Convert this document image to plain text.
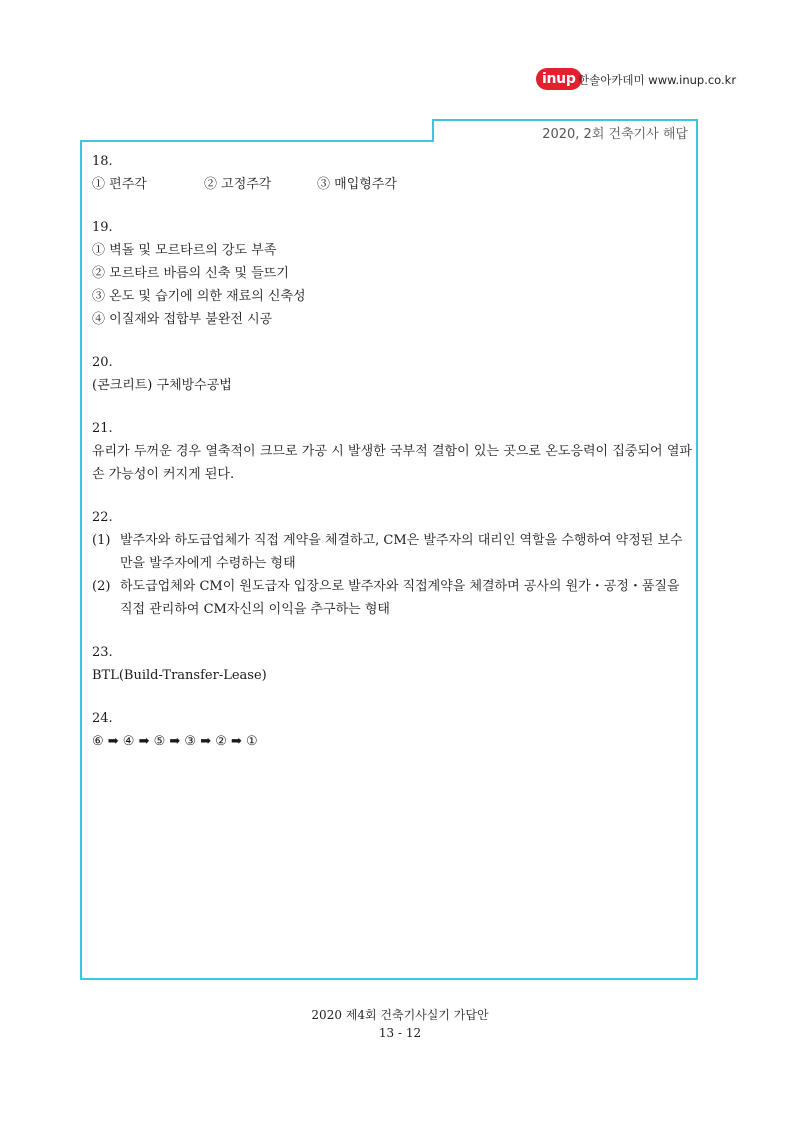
inup 한솔아카데미 www.inup.co.kr
2020, 2회 건축기사 해답

18.

① 편주각	② 고정주각	③ 매입형주각

19.

① 벽돌 및 모르타르의 강도 부족

② 모르타르 바름의 신축 및 들뜨기

③ 온도 및 습기에 의한 재료의 신축성

④ 이질재와 접합부 불완전 시공

20.

(콘크리트) 구체방수공법

21.

유리가 두꺼운 경우 열축적이 크므로 가공 시 발생한 국부적 결함이 있는 곳으로 온도응력이 집중되어 열파손 가능성이 커지게 된다.

22.

(1) 발주자와 하도급업체가 직접 계약을 체결하고, CM은 발주자의 대리인 역할을 수행하여 약정된 보수만을 발주자에게 수령하는 형태
(2) 하도급업체와 CM이 원도급자 입장으로 발주자와 직접계약을 체결하며 공사의 원가・공정・품질을 직접 관리하여 CM자신의 이익을 추구하는 형태

23.

BTL(Build-Transfer-Lease)

24.

⑥ ➡ ④ ➡ ⑤ ➡ ③ ➡ ② ➡ ①

2020 제4회 건축기사실기 가답안
13 - 12
